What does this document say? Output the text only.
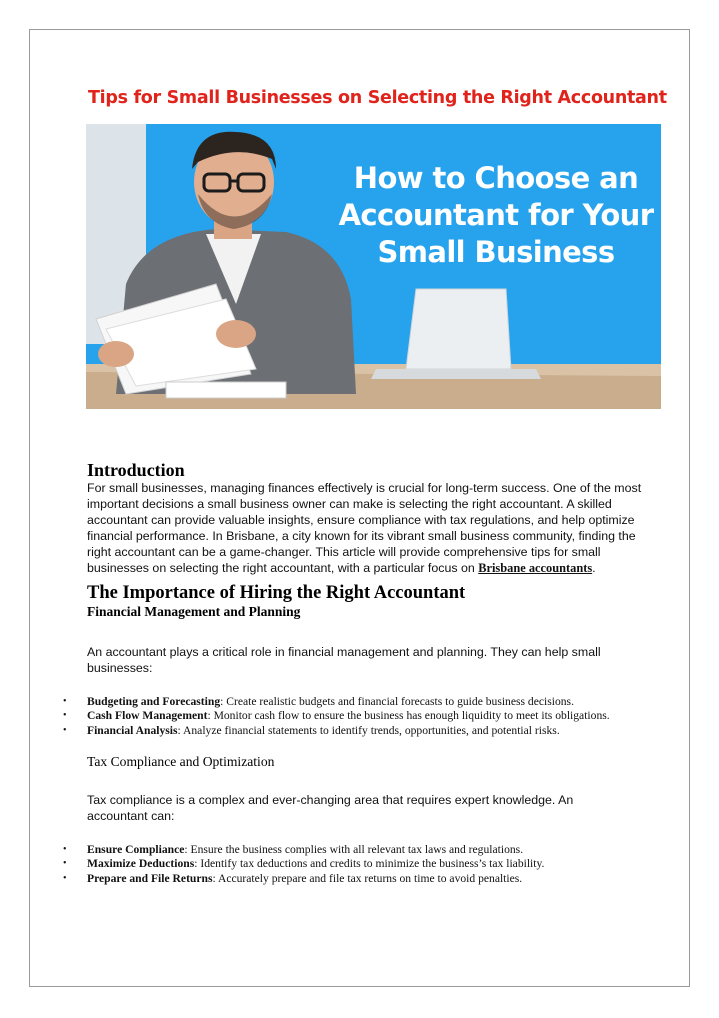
Tips for Small Businesses on Selecting the Right Accountant
How to Choose an
Accountant for Your
Small Business
Introduction

For small businesses, managing finances effectively is crucial for long-term success. One of the most important decisions a small business owner can make is selecting the right accountant. A skilled accountant can provide valuable insights, ensure compliance with tax regulations, and help optimize financial performance. In Brisbane, a city known for its vibrant small business community, finding the right accountant can be a game-changer. This article will provide comprehensive tips for small businesses on selecting the right accountant, with a particular focus on Brisbane accountants.

The Importance of Hiring the Right Accountant
Financial Management and Planning

An accountant plays a critical role in financial management and planning. They can help small businesses:

• Budgeting and Forecasting: Create realistic budgets and financial forecasts to guide business decisions.
• Cash Flow Management: Monitor cash flow to ensure the business has enough liquidity to meet its obligations.
• Financial Analysis: Analyze financial statements to identify trends, opportunities, and potential risks.
Tax Compliance and Optimization

Tax compliance is a complex and ever-changing area that requires expert knowledge. An accountant can:

• Ensure Compliance: Ensure the business complies with all relevant tax laws and regulations.
• Maximize Deductions: Identify tax deductions and credits to minimize the business’s tax liability.
• Prepare and File Returns: Accurately prepare and file tax returns on time to avoid penalties.
